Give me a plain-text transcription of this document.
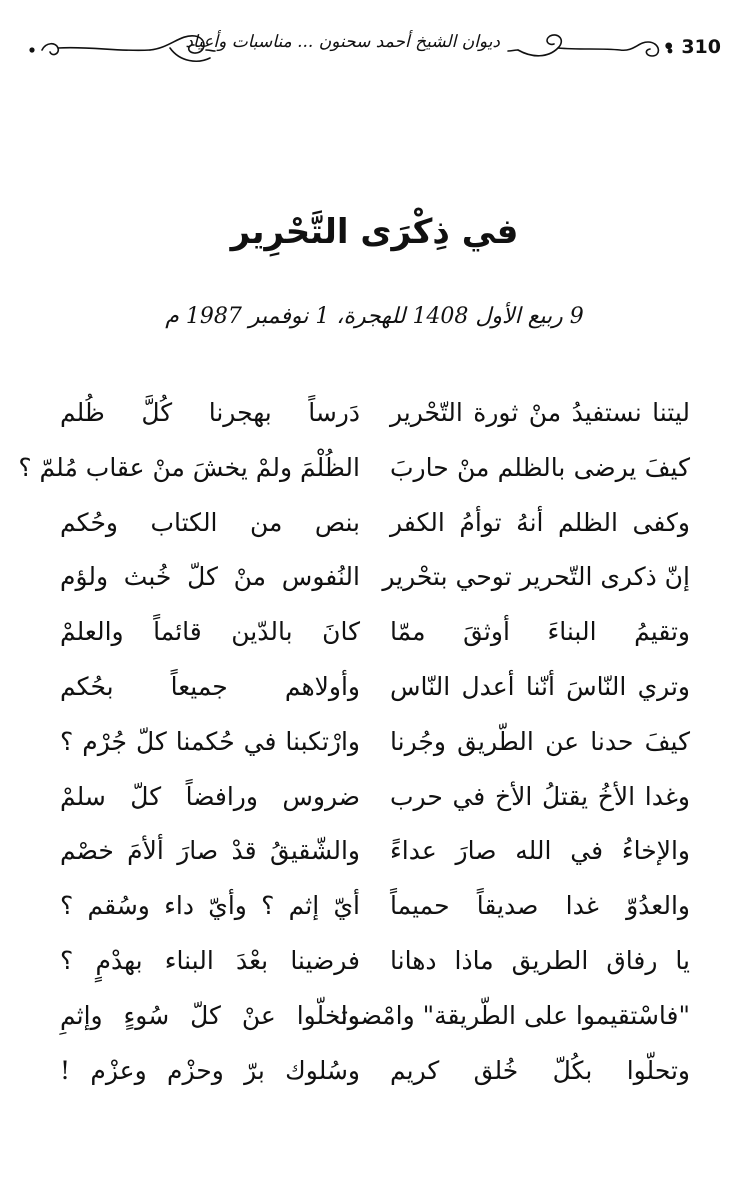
ديوان الشيخ أحمد سحنون ... مناسبات وأعياد	• 310
في ذِكْرَى التَّحْرِير
9 ربيع الأول 1408 للهجرة، 1 نوفمبر 1987 م
ليتنا نستفيدُ منْ ثورة التّحْرير
دَرساً بهجرنا كُلَّ ظُلم
كيفَ يرضى بالظلم منْ حاربَ
الظُلْمَ ولمْ يخشَ منْ عقاب مُلمّ ؟
وكفى الظلم أنهُ توأمُ الكفر
بنص من الكتاب وحُكم
إنّ ذكرى التّحرير توحي بتحْرير
النُفوس منْ كلّ خُبث ولؤم
وتقيمُ البناءَ أوثقَ ممّا
كانَ بالدّين قائماً والعلمْ
وتري النّاسَ أنّنا أعدل النّاس
وأولاهم جميعاً بحُكم
كيفَ حدنا عن الطّريق وجُرنا
وارْتكبنا في حُكمنا كلّ جُرْم ؟
وغدا الأخُ يقتلُ الأخ في حرب
ضروس ورافضاً كلّ سلمْ
والإخاءُ في الله صارَ عداءً
والشّقيقُ قدْ صارَ ألأمَ خصْم
والعدُوّ غدا صديقاً حميماً
أيّ إثم ؟ وأيّ داء وسُقم ؟
يا رفاق الطريق ماذا دهانا
فرضينا بعْدَ البناء بهدْمٍ ؟
"فاسْتقيموا على الطّريقة" وامْضوا
وتخلّوا عنْ كلّ سُوءٍ وإثمِ
وتحلّوا بكُلّ خُلق كريم
وسُلوك برّ وحزْم وعزْم !
